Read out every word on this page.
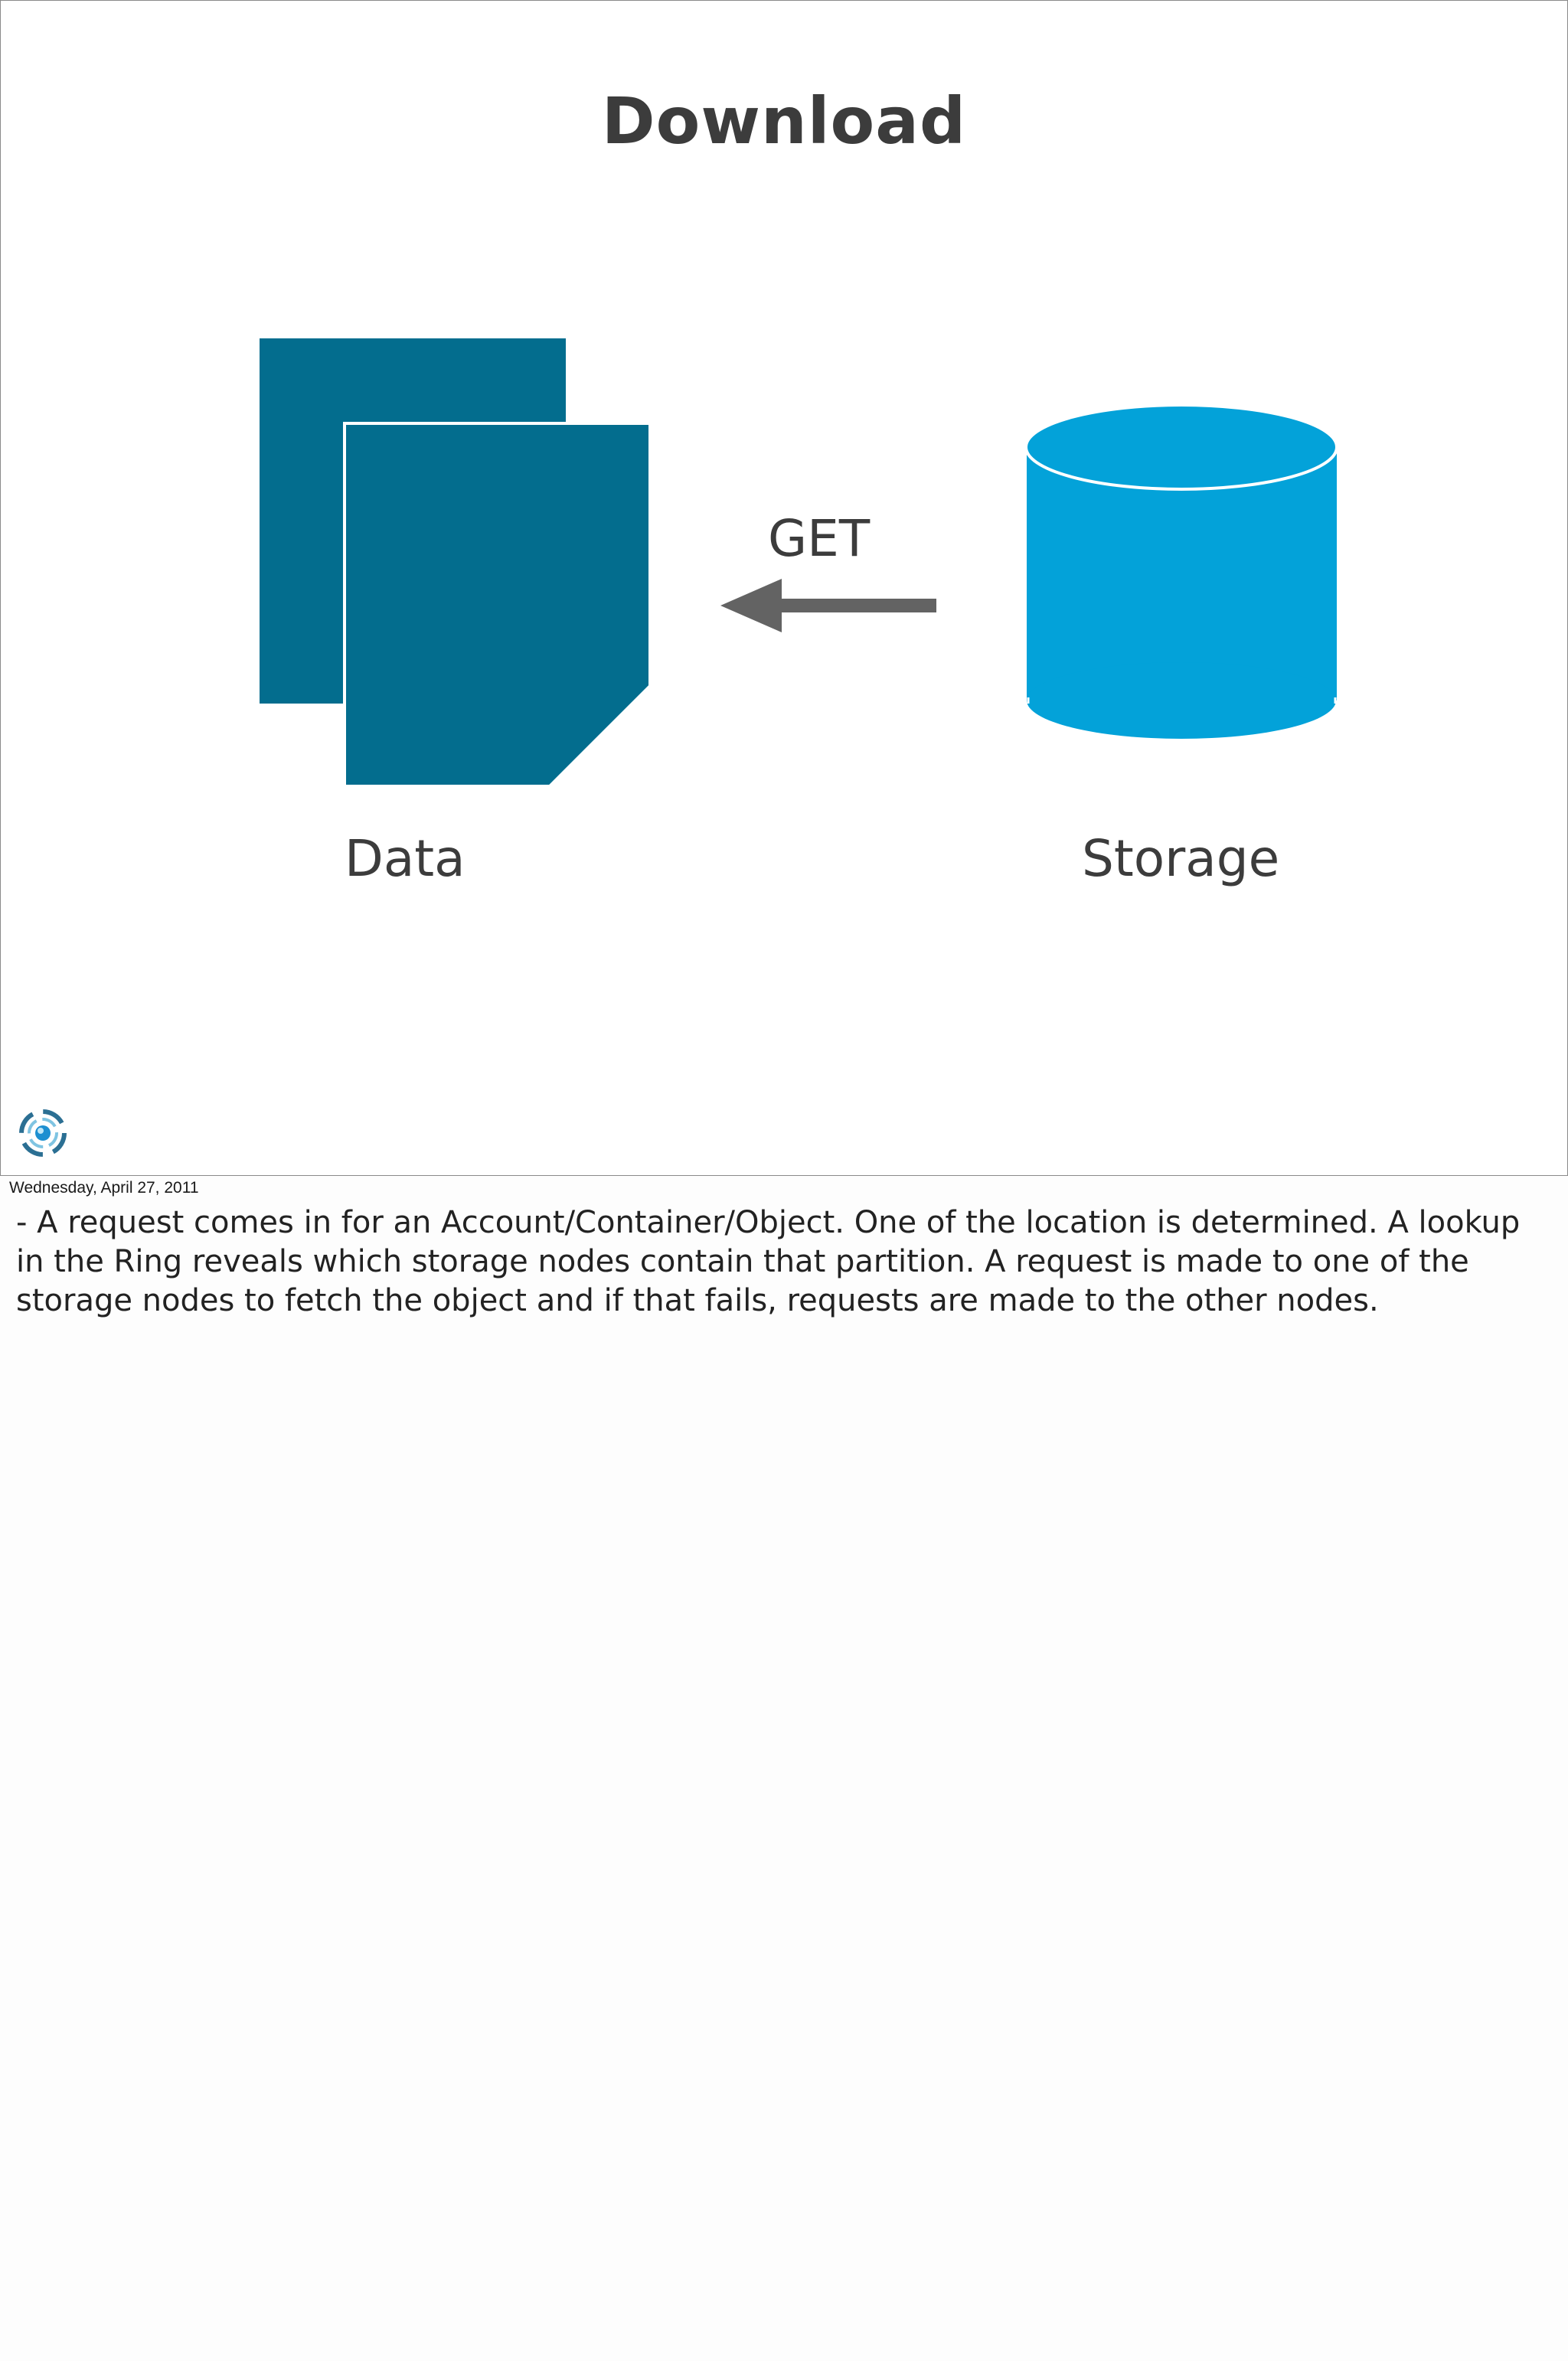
Download
GET
Data	Storage
Wednesday, April 27, 2011

- A request comes in for an Account/Container/Object. One of the location is determined. A lookup in the Ring reveals which storage nodes contain that partition. A request is made to one of the storage nodes to fetch the object and if that fails, requests are made to the other nodes.
